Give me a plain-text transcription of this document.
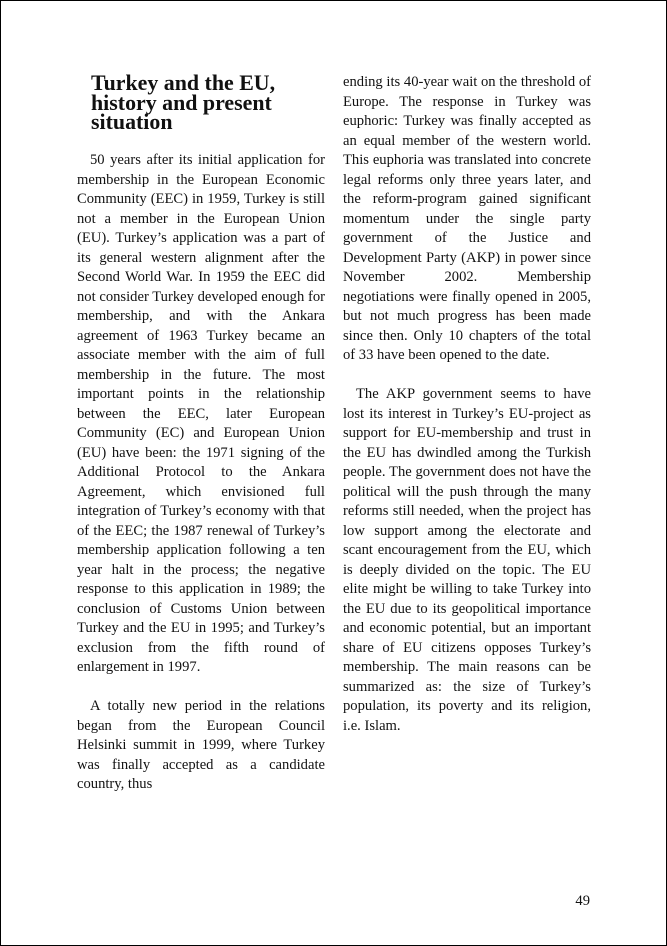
Turkey and the EU, history and present situation

50 years after its initial application for membership in the European Economic Community (EEC) in 1959, Turkey is still not a member in the European Union (EU). Turkey’s application was a part of its general western alignment after the Second World War. In 1959 the EEC did not consider Turkey developed enough for membership, and with the Ankara agreement of 1963 Turkey became an associate member with the aim of full membership in the future. The most important points in the relationship between the EEC, later European Community (EC) and European Union (EU) have been: the 1971 signing of the Additional Protocol to the Ankara Agreement, which envisioned full integration of Turkey’s economy with that of the EEC; the 1987 renewal of Turkey’s membership application following a ten year halt in the process; the negative response to this application in 1989; the conclusion of Customs Union between Turkey and the EU in 1995; and Turkey’s exclusion from the fifth round of enlargement in 1997.

A totally new period in the relations began from the European Council Helsinki summit in 1999, where Turkey was finally accepted as a candidate country, thus

ending its 40-year wait on the threshold of Europe. The response in Turkey was euphoric: Turkey was finally accepted as an equal member of the western world. This euphoria was translated into concrete legal reforms only three years later, and the reform-program gained significant momentum under the single party government of the Justice and Development Party (AKP) in power since November 2002. Membership negotiations were finally opened in 2005, but not much progress has been made since then. Only 10 chapters of the total of 33 have been opened to the date.

The AKP government seems to have lost its interest in Turkey’s EU-project as support for EU-membership and trust in the EU has dwindled among the Turkish people. The government does not have the political will the push through the many reforms still needed, when the project has low support among the electorate and scant encouragement from the EU, which is deeply divided on the topic. The EU elite might be willing to take Turkey into the EU due to its geopolitical importance and economic potential, but an important share of EU citizens opposes Turkey’s membership. The main reasons can be summarized as: the size of Turkey’s population, its poverty and its religion, i.e. Islam.

49
